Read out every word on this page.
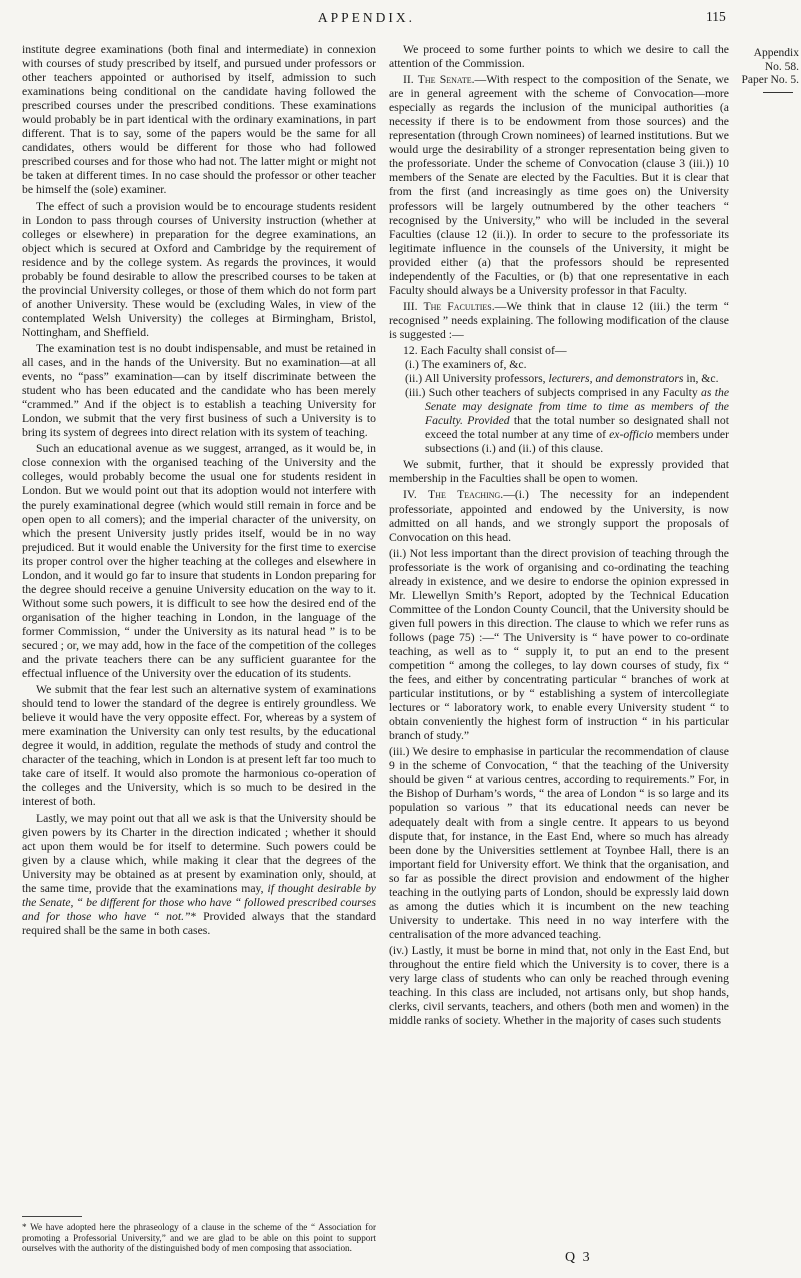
APPENDIX.	115
Appendix
No. 58.
Paper No. 5.

institute degree examinations (both final and intermediate) in connexion with courses of study prescribed by itself, and pursued under professors or other teachers appointed or authorised by itself, admission to such examinations being conditional on the candidate having followed the prescribed courses under the prescribed conditions. These examinations would probably be in part identical with the ordinary examinations, in part different. That is to say, some of the papers would be the same for all candidates, others would be different for those who had followed prescribed courses and for those who had not. The latter might or might not be taken at different times. In no case should the professor or other teacher be himself the (sole) examiner.

The effect of such a provision would be to encourage students resident in London to pass through courses of University instruction (whether at colleges or elsewhere) in preparation for the degree examinations, an object which is secured at Oxford and Cambridge by the requirement of residence and by the college system. As regards the provinces, it would probably be found desirable to allow the prescribed courses to be taken at the provincial University colleges, or those of them which do not form part of another University. These would be (excluding Wales, in view of the contemplated Welsh University) the colleges at Birmingham, Bristol, Nottingham, and Sheffield.

The examination test is no doubt indispensable, and must be retained in all cases, and in the hands of the University. But no examination—at all events, no “pass” examination—can by itself discriminate between the student who has been educated and the candidate who has been merely “crammed.” And if the object is to establish a teaching University for London, we submit that the very first business of such a University is to bring its system of degrees into direct relation with its system of teaching.

Such an educational avenue as we suggest, arranged, as it would be, in close connexion with the organised teaching of the University and the colleges, would probably become the usual one for students resident in London. But we would point out that its adoption would not interfere with the purely examinational degree (which would still remain in force and be open open to all comers); and the imperial character of the university, on which the present University justly prides itself, would be in no way prejudiced. But it would enable the University for the first time to exercise its proper control over the higher teaching at the colleges and elsewhere in London, and it would go far to insure that students in London preparing for the degree should receive a genuine University education on the way to it. Without some such powers, it is difficult to see how the desired end of the organisation of the higher teaching in London, in the language of the former Commission, “ under the University as its natural head ” is to be secured ; or, we may add, how in the face of the competition of the colleges and the private teachers there can be any sufficient guarantee for the effectual influence of the University over the education of its students.

We submit that the fear lest such an alternative system of examinations should tend to lower the standard of the degree is entirely groundless. We believe it would have the very opposite effect. For, whereas by a system of mere examination the University can only test results, by the educational degree it would, in addition, regulate the methods of study and control the character of the teaching, which in London is at present left far too much to take care of itself. It would also promote the harmonious co-operation of the colleges and the University, which is so much to be desired in the interest of both.

Lastly, we may point out that all we ask is that the University should be given powers by its Charter in the direction indicated ; whether it should act upon them would be for itself to determine. Such powers could be given by a clause which, while making it clear that the degrees of the University may be obtained as at present by examination only, should, at the same time, provide that the examinations may, if thought desirable by the Senate, “ be different for those who have “ followed prescribed courses and for those who have “ not.”* Provided always that the standard required shall be the same in both cases.

* We have adopted here the phraseology of a clause in the scheme of the “ Association for promoting a Professorial University,” and we are glad to be able on this point to support ourselves with the authority of the distinguished body of men composing that association.

We proceed to some further points to which we desire to call the attention of the Commission.

II. The Senate.—With respect to the composition of the Senate, we are in general agreement with the scheme of Convocation—more especially as regards the inclusion of the municipal authorities (a necessity if there is to be endowment from those sources) and the representation (through Crown nominees) of learned institutions. But we would urge the desirability of a stronger representation being given to the professoriate. Under the scheme of Convocation (clause 3 (iii.)) 10 members of the Senate are elected by the Faculties. But it is clear that from the first (and increasingly as time goes on) the University professors will be largely outnumbered by the other teachers “ recognised by the University,” who will be included in the several Faculties (clause 12 (ii.)). In order to secure to the professoriate its legitimate influence in the counsels of the University, it might be provided either (a) that the professors should be represented independently of the Faculties, or (b) that one representative in each Faculty should always be a University professor in that Faculty.

III. The Faculties.—We think that in clause 12 (iii.) the term “ recognised ” needs explaining. The following modification of the clause is suggested :—

12. Each Faculty shall consist of—
(i.) The examiners of, &c.
(ii.) All University professors, lecturers, and demonstrators in, &c.
(iii.) Such other teachers of subjects comprised in any Faculty as the Senate may designate from time to time as members of the Faculty. Provided that the total number so designated shall not exceed the total number at any time of ex-officio members under subsections (i.) and (ii.) of this clause.

We submit, further, that it should be expressly provided that membership in the Faculties shall be open to women.

IV. The Teaching.—(i.) The necessity for an independent professoriate, appointed and endowed by the University, is now admitted on all hands, and we strongly support the proposals of Convocation on this head.

(ii.) Not less important than the direct provision of teaching through the professoriate is the work of organising and co-ordinating the teaching already in existence, and we desire to endorse the opinion expressed in Mr. Llewellyn Smith’s Report, adopted by the Technical Education Committee of the London County Council, that the University should be given full powers in this direction. The clause to which we refer runs as follows (page 75) :—“ The University is “ have power to co-ordinate teaching, as well as to “ supply it, to put an end to the present competition “ among the colleges, to lay down courses of study, fix “ the fees, and either by concentrating particular “ branches of work at particular institutions, or by “ establishing a system of intercollegiate lectures or “ laboratory work, to enable every University student “ to obtain conveniently the highest form of instruction “ in his particular branch of study.”

(iii.) We desire to emphasise in particular the recommendation of clause 9 in the scheme of Convocation, “ that the teaching of the University should be given “ at various centres, according to requirements.” For, in the Bishop of Durham’s words, “ the area of London “ is so large and its population so various ” that its educational needs can never be adequately dealt with from a single centre. It appears to us beyond dispute that, for instance, in the East End, where so much has already been done by the Universities settlement at Toynbee Hall, there is an important field for University effort. We think that the organisation, and so far as possible the direct provision and endowment of the higher teaching in the outlying parts of London, should be expressly laid down as among the duties which it is incumbent on the new teaching University to undertake. This need in no way interfere with the centralisation of the more advanced teaching.

(iv.) Lastly, it must be borne in mind that, not only in the East End, but throughout the entire field which the University is to cover, there is a very large class of students who can only be reached through evening teaching. In this class are included, not artisans only, but shop hands, clerks, civil servants, teachers, and others (both men and women) in the middle ranks of society. Whether in the majority of cases such students

Q 3
